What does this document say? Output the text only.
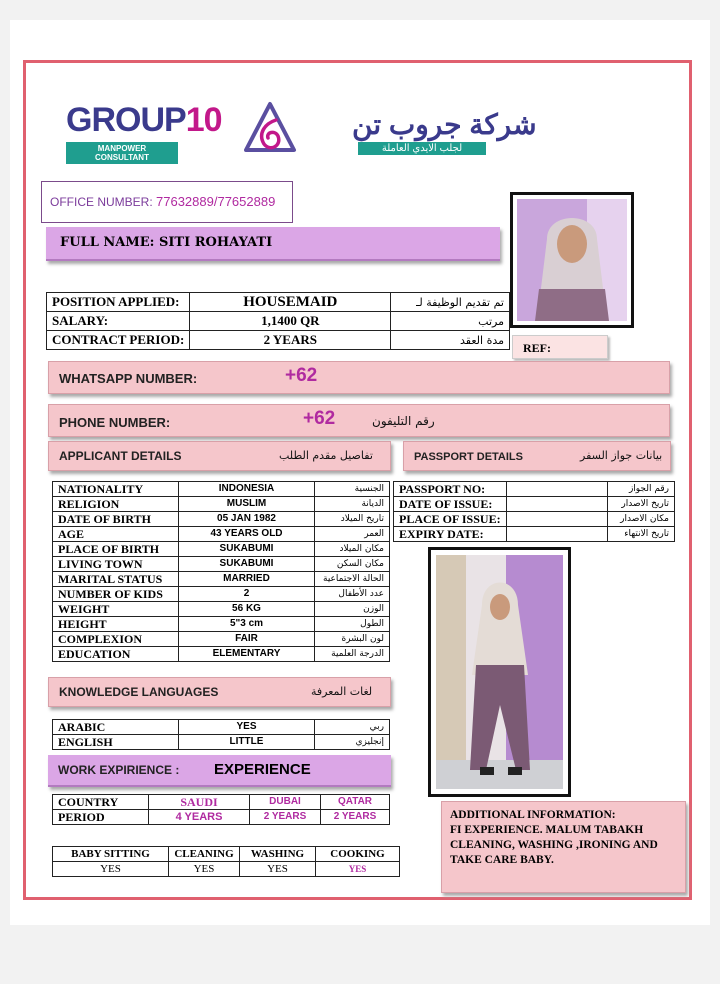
GROUP10
MANPOWER CONSULTANT
شركة جروب تن
لجلب الايدي العاملة
OFFICE NUMBER: 77632889/77652889
FULL NAME: SITI ROHAYATI
POSITION APPLIED:	HOUSEMAID	تم تقديم الوظيفة لـ
SALARY:	1,1400 QR	مرتب
CONTRACT PERIOD:	2 YEARS	مدة العقد
REF:
WHATSAPP NUMBER:	+62
PHONE NUMBER:	+62	رقم التليفون
APPLICANT DETAILS	تفاصيل مقدم الطلب	PASSPORT DETAILS	بيانات جواز السفر
NATIONALITY	INDONESIA	الجنسية
RELIGION	MUSLIM	الديانة
DATE OF BIRTH	05 JAN 1982	تاريخ الميلاد
AGE	43 YEARS OLD	العمر
PLACE OF BIRTH	SUKABUMI	مكان الميلاد
LIVING TOWN	SUKABUMI	مكان السكن
MARITAL STATUS	MARRIED	الحالة الاجتماعية
NUMBER OF KIDS	2	عدد الأطفال
WEIGHT	56 KG	الوزن
HEIGHT	5"3 cm	الطول
COMPLEXION	FAIR	لون البشرة
EDUCATION	ELEMENTARY	الدرجة العلمية
PASSPORT NO:		رقم الجواز
DATE OF ISSUE:		تاريخ الاصدار
PLACE OF ISSUE:		مكان الاصدار
EXPIRY DATE:		تاريخ الانتهاء
KNOWLEDGE LANGUAGES	لغات المعرفة
ARABIC	YES	ربي
ENGLISH	LITTLE	إنجليزي
WORK EXPIRIENCE : EXPERIENCE
COUNTRY	SAUDI	DUBAI	QATAR
PERIOD	4 YEARS	2 YEARS	2 YEARS
BABY SITTING	CLEANING	WASHING	COOKING
YES	YES	YES	YES
ADDITIONAL INFORMATION:
FI EXPERIENCE. MALUM TABAKH CLEANING, WASHING ,IRONING AND TAKE CARE BABY.
